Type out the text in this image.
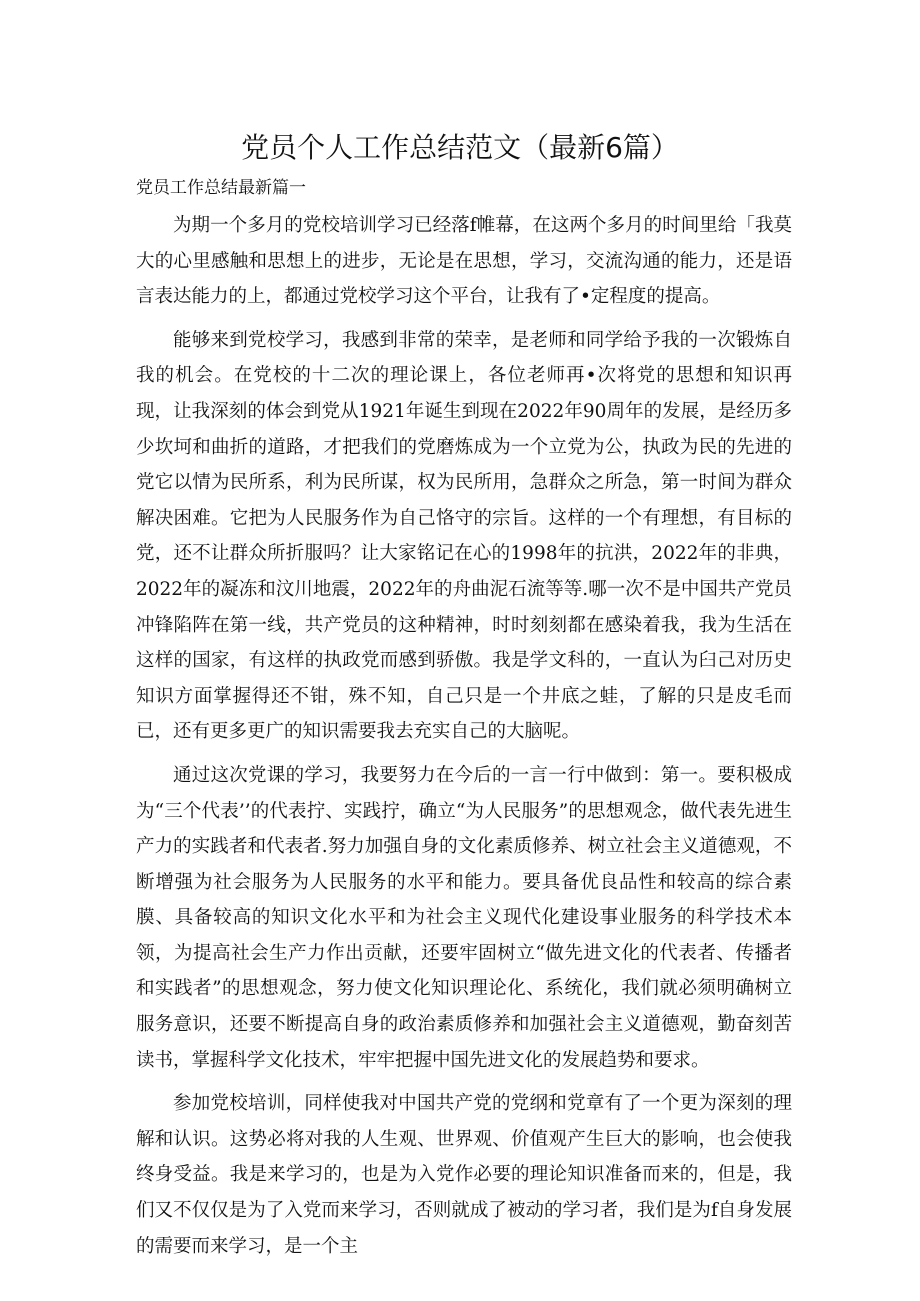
党员个人工作总结范文（最新6篇）
党员工作总结最新篇一

为期一个多月的党校培训学习已经落f帷幕，在这两个多月的时间里给「我莫大的心里感触和思想上的进步，无论是在思想，学习，交流沟通的能力，还是语言表达能力的上，都通过党校学习这个平台，让我有了•定程度的提高。

能够来到党校学习，我感到非常的荣幸，是老师和同学给予我的一次锻炼自我的机会。在党校的十二次的理论课上，各位老师再•次将党的思想和知识再现，让我深刻的体会到党从1921年诞生到现在2022年90周年的发展，是经历多少坎坷和曲折的道路，才把我们的党磨炼成为一个立党为公，执政为民的先进的党它以情为民所系，利为民所谋，权为民所用，急群众之所急，第一时间为群众解决困难。它把为人民服务作为自己恪守的宗旨。这样的一个有理想，有目标的党，还不让群众所折服吗？让大家铭记在心的1998年的抗洪，2022年的非典，2022年的凝冻和汶川地震，2022年的舟曲泥石流等等.哪一次不是中国共产党员冲锋陷阵在第一线，共产党员的这种精神，时时刻刻都在感染着我，我为生活在这样的国家，有这样的执政党而感到骄傲。我是学文科的，一直认为臼己对历史知识方面掌握得还不钳，殊不知，自己只是一个井底之蛙，了解的只是皮毛而已，还有更多更广的知识需要我去充实自己的大脑呢。

通过这次党课的学习，我要努力在今后的一言一行中做到：第一。要积极成为“三个代表’’的代表拧、实践拧，确立“为人民服务”的思想观念，做代表先进生产力的实践者和代表者.努力加强自身的文化素质修养、树立社会主义道德观，不断增强为社会服务为人民服务的水平和能力。要具备优良品性和较高的综合素膜、具备较高的知识文化水平和为社会主义现代化建设事业服务的科学技术本领，为提高社会生产力作出贡献，还要牢固树立“做先进文化的代表者、传播者和实践者”的思想观念，努力使文化知识理论化、系统化，我们就必须明确树立服务意识，还要不断提高自身的政治素质修养和加强社会主义道德观，勤奋刻苦读书，掌握科学文化技术，牢牢把握中国先进文化的发展趋势和要求。

参加党校培训，同样使我对中国共产党的党纲和党章有了一个更为深刻的理解和认识。这势必将对我的人生观、世界观、价值观产生巨大的影响，也会使我终身受益。我是来学习的，也是为入党作必要的理论知识准备而来的，但是，我们又不仅仅是为了入党而来学习，否则就成了被动的学习者，我们是为f自身发展的需要而来学习，是一个主
